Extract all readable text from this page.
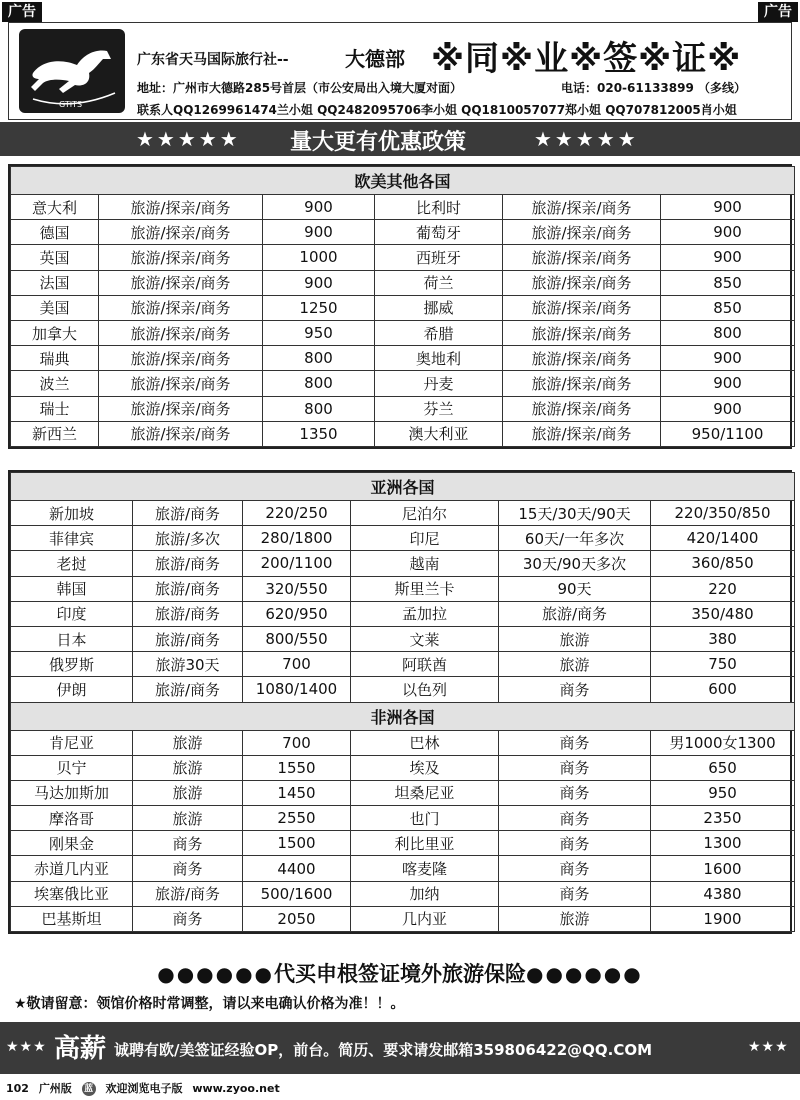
广告	广告
GTITS
广东省天马国际旅行社--	大德部 ※同※业※签※证※
地址：广州市大德路285号首层（市公安局出入境大厦对面）	电话：020-61133899 （多线）
联系人QQ1269961474兰小姐 QQ2482095706李小姐 QQ1810057077郑小姐 QQ707812005肖小姐
★★★★★ 量大更有优惠政策	★★★★★
欧美其他各国					
意大利	旅游/探亲/商务	900	比利时	旅游/探亲/商务	900
德国	旅游/探亲/商务	900	葡萄牙	旅游/探亲/商务	900
英国	旅游/探亲/商务	1000	西班牙	旅游/探亲/商务	900
法国	旅游/探亲/商务	900	荷兰	旅游/探亲/商务	850
美国	旅游/探亲/商务	1250	挪威	旅游/探亲/商务	850
加拿大	旅游/探亲/商务	950	希腊	旅游/探亲/商务	800
瑞典	旅游/探亲/商务	800	奥地利	旅游/探亲/商务	900
波兰	旅游/探亲/商务	800	丹麦	旅游/探亲/商务	900
瑞士	旅游/探亲/商务	800	芬兰	旅游/探亲/商务	900
新西兰	旅游/探亲/商务	1350	澳大利亚	旅游/探亲/商务	950/1100
亚洲各国					
新加坡	旅游/商务	220/250	尼泊尔	15天/30天/90天	220/350/850
菲律宾	旅游/多次	280/1800	印尼	60天/一年多次	420/1400
老挝	旅游/商务	200/1100	越南	30天/90天多次	360/850
韩国	旅游/商务	320/550	斯里兰卡	90天	220
印度	旅游/商务	620/950	孟加拉	旅游/商务	350/480
日本	旅游/商务	800/550	文莱	旅游	380
俄罗斯	旅游30天	700	阿联酋	旅游	750
伊朗	旅游/商务	1080/1400	以色列	商务	600
非洲各国					
肯尼亚	旅游	700	巴林	商务	男1000女1300
贝宁	旅游	1550	埃及	商务	650
马达加斯加	旅游	1450	坦桑尼亚	商务	950
摩洛哥	旅游	2550	也门	商务	2350
刚果金	商务	1500	利比里亚	商务	1300
赤道几内亚	商务	4400	喀麦隆	商务	1600
埃塞俄比亚	旅游/商务	500/1600	加纳	商务	4380
巴基斯坦	商务	2050	几内亚	旅游	1900
●●●●●●代买申根签证境外旅游保险●●●●●●
★敬请留意：领馆价格时常调整，请以来电确认价格为准！！。
★★★ 高薪 诚聘有欧/美签证经验OP，前台。简历、要求请发邮箱359806422@QQ.COM	★★★
102 广州版 蓝 欢迎浏览电子版 www.zyoo.net
